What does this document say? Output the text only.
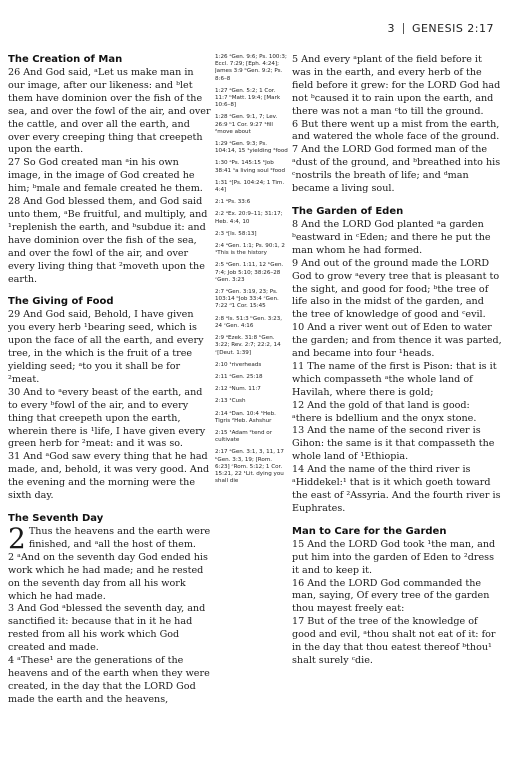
3 GENESIS 2:17
The Creation of Man

26 And God said, ᵃLet us make man in our image, after our likeness: and ᵇlet them have dominion over the fish of the sea, and over the fowl of the air, and over the cattle, and over all the earth, and over every creeping thing that creepeth upon the earth.

27 So God created man ᵃin his own image, in the image of God created he him; ᵇmale and female created he them.

28 And God blessed them, and God said unto them, ᵃBe fruitful, and multiply, and ¹replenish the earth, and ᵇsubdue it: and have dominion over the fish of the sea, and over the fowl of the air, and over every living thing that ²moveth upon the earth.

The Giving of Food

29 And God said, Behold, I have given you every herb ¹bearing seed, which is upon the face of all the earth, and every tree, in the which is the fruit of a tree yielding seed; ᵃto you it shall be for ²meat.

30 And to ᵃevery beast of the earth, and to every ᵇfowl of the air, and to every thing that creepeth upon the earth, wherein there is ¹life, I have given every green herb for ²meat: and it was so.

31 And ᵃGod saw every thing that he had made, and, behold, it was very good. And the evening and the morning were the sixth day.

The Seventh Day

2 Thus the heavens and the earth were finished, and ᵃall the host of them.

2 ᵃAnd on the seventh day God ended his work which he had made; and he rested on the seventh day from all his work which he had made.

3 And God ᵃblessed the seventh day, and sanctified it: because that in it he had rested from all his work which God created and made.

4 ᵃThese¹ are the generations of the heavens and of the earth when they were created, in the day that the LORD God made the earth and the heavens,

1:26 ᵃGen. 9:6; Ps. 100:3; Eccl. 7:29; [Eph. 4:24]; James 3:9 ᵇGen. 9:2; Ps. 8:6–8

1:27 ᵃGen. 5:2; 1 Cor. 11:7 ᵇMatt. 19:4; [Mark 10:6–8]

1:28 ᵃGen. 9:1, 7; Lev. 26:9 ᵇ1 Cor. 9:27 ¹fill ²move about

1:29 ᵃGen. 9:3; Ps. 104:14, 15 ¹yielding ²food

1:30 ᵃPs. 145:15 ᵇJob 38:41 ¹a living soul ²food

1:31 ᵃ[Ps. 104:24; 1 Tim. 4:4]

2:1 ᵃPs. 33:6

2:2 ᵃEx. 20:9–11; 31:17; Heb. 4:4, 10

2:3 ᵃ[Is. 58:13]

2:4 ᵃGen. 1:1; Ps. 90:1, 2 ¹This is the history

2:5 ᵃGen. 1:11, 12 ᵇGen. 7:4; Job 5:10; 38:26–28 ᶜGen. 3:23

2:7 ᵃGen. 3:19, 23; Ps. 103:14 ᵇJob 33:4 ᶜGen. 7:22 ᵈ1 Cor. 15:45

2:8 ᵃIs. 51:3 ᵇGen. 3:23, 24 ᶜGen. 4:16

2:9 ᵃEzek. 31:8 ᵇGen. 3:22; Rev. 2:7; 22:2, 14 ᶜ[Deut. 1:39]

2:10 ¹riverheads

2:11 ᵃGen. 25:18

2:12 ᵃNum. 11:7

2:13 ¹Cush

2:14 ᵃDan. 10:4 ¹Heb. Tigris ²Heb. Ashshur

2:15 ¹Adam ²tend or cultivate

2:17 ᵃGen. 3:1, 3, 11, 17 ᵇGen. 3:3, 19; [Rom. 6:23] ᶜRom. 5:12; 1 Cor. 15:21, 22 ¹Lit. dying you shall die

5 And every ᵃplant of the field before it was in the earth, and every herb of the field before it grew: for the LORD God had not ᵇcaused it to rain upon the earth, and there was not a man ᶜto till the ground.

6 But there went up a mist from the earth, and watered the whole face of the ground.

7 And the LORD God formed man of the ᵃdust of the ground, and ᵇbreathed into his ᶜnostrils the breath of life; and ᵈman became a living soul.

The Garden of Eden

8 And the LORD God planted ᵃa garden ᵇeastward in ᶜEden; and there he put the man whom he had formed.

9 And out of the ground made the LORD God to grow ᵃevery tree that is pleasant to the sight, and good for food; ᵇthe tree of life also in the midst of the garden, and the tree of knowledge of good and ᶜevil.

10 And a river went out of Eden to water the garden; and from thence it was parted, and became into four ¹heads.

11 The name of the first is Pison: that is it which compasseth ᵃthe whole land of Havilah, where there is gold;

12 And the gold of that land is good: ᵃthere is bdellium and the onyx stone.

13 And the name of the second river is Gihon: the same is it that compasseth the whole land of ¹Ethiopia.

14 And the name of the third river is ᵃHiddekel:¹ that is it which goeth toward the east of ²Assyria. And the fourth river is Euphrates.

Man to Care for the Garden

15 And the LORD God took ¹the man, and put him into the garden of Eden to ²dress it and to keep it.

16 And the LORD God commanded the man, saying, Of every tree of the garden thou mayest freely eat:

17 But of the tree of the knowledge of good and evil, ᵃthou shalt not eat of it: for in the day that thou eatest thereof ᵇthou¹ shalt surely ᶜdie.
